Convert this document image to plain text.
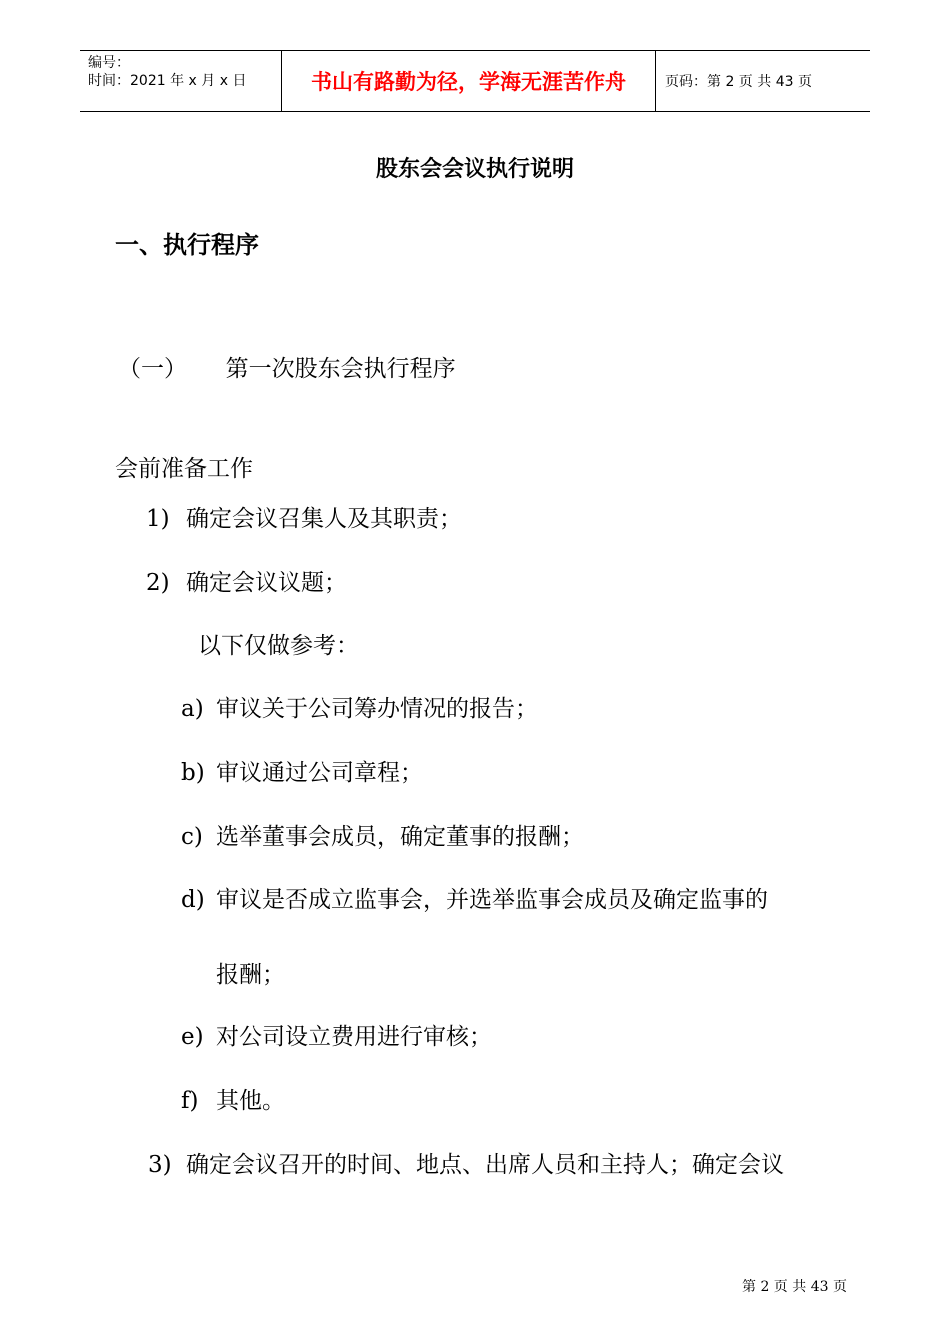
编号：
时间：2021 年 x 月 x 日	书山有路勤为径，学海无涯苦作舟	页码：第 2 页 共 43 页
股东会会议执行说明
一、执行程序
（一） 第一次股东会执行程序
会前准备工作
1) 确定会议召集人及其职责；
2) 确定会议议题；
以下仅做参考：
a) 审议关于公司筹办情况的报告；
b) 审议通过公司章程；
c) 选举董事会成员，确定董事的报酬；
d) 审议是否成立监事会，并选举监事会成员及确定监事的
报酬；
e) 对公司设立费用进行审核；
f) 其他。
3) 确定会议召开的时间、地点、出席人员和主持人；确定会议
第 2 页 共 43 页
